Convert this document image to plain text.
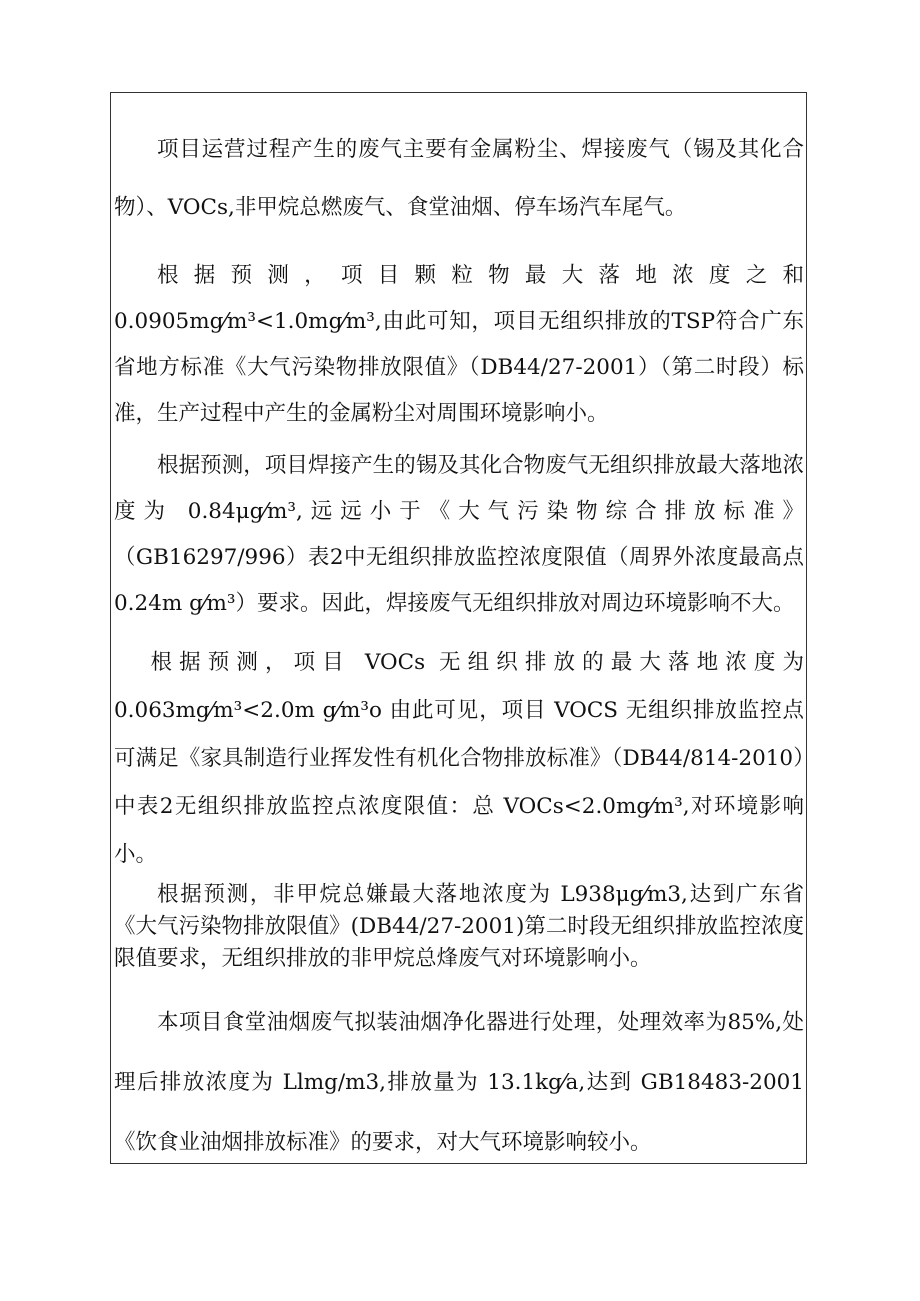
项目运营过程产生的废气主要有金属粉尘、焊接废气（锡及其化合物）、VOCs,非甲烷总燃废气、食堂油烟、停车场汽车尾气。

根据预测，项目颗粒物最大落地浓度之和0.0905mg⁄m³<1.0mg⁄m³,由此可知，项目无组织排放的TSP符合广东省地方标准《大气污染物排放限值》（DB44/27-2001）（第二时段）标准，生产过程中产生的金属粉尘对周围环境影响小。

根据预测，项目焊接产生的锡及其化合物废气无组织排放最大落地浓度为 0.84μg⁄m³,远远小于《大气污染物综合排放标准》（GB16297/996）表2中无组织排放监控浓度限值（周界外浓度最高点0.24m g⁄m³）要求。因此，焊接废气无组织排放对周边环境影响不大。

根据预测，项目 VOCs 无组织排放的最大落地浓度为 0.063mg⁄m³<2.0m g⁄m³o 由此可见，项目 VOCS 无组织排放监控点可满足《家具制造行业挥发性有机化合物排放标准》（DB44/814-2010）中表2无组织排放监控点浓度限值：总 VOCs<2.0mg⁄m³,对环境影响小。

根据预测，非甲烷总嫌最大落地浓度为 L938μg⁄m3,达到广东省《大气污染物排放限值》(DB44/27-2001)第二时段无组织排放监控浓度限值要求，无组织排放的非甲烷总烽废气对环境影响小。

本项目食堂油烟废气拟装油烟净化器进行处理，处理效率为85%,处理后排放浓度为 Llmg/m3,排放量为 13.1kg⁄a,达到 GB18483-2001《饮食业油烟排放标准》的要求，对大气环境影响较小。
